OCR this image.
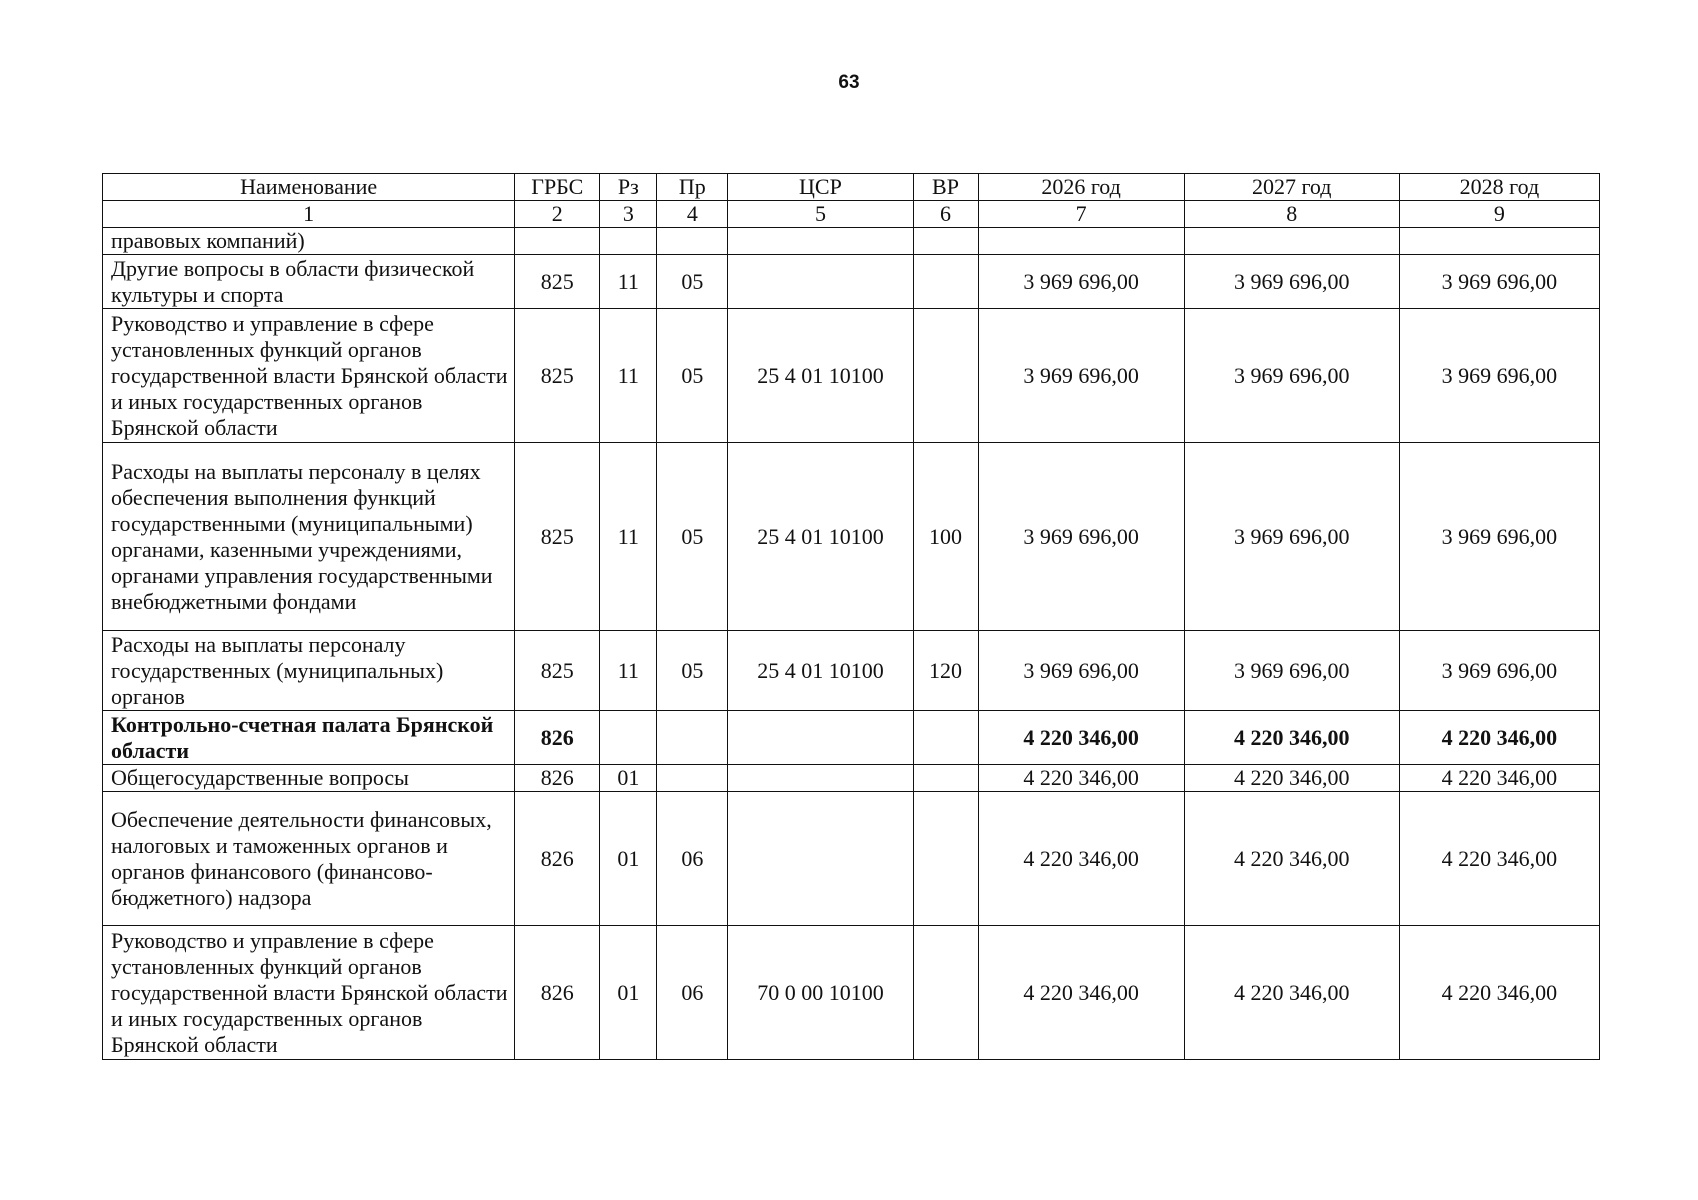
63
Наименование	ГРБС	Рз	Пр	ЦСР	ВР	2026 год	2027 год	2028 год
1	2	3	4	5	6	7	8	9
правовых компаний)								
Другие вопросы в области физической культуры и спорта	825	11	05			3 969 696,00	3 969 696,00	3 969 696,00
Руководство и управление в сфере установленных функций органов государственной власти Брянской области и иных государственных органов Брянской области	825	11	05	25 4 01 10100		3 969 696,00	3 969 696,00	3 969 696,00
Расходы на выплаты персоналу в целях обеспечения выполнения функций государственными (муниципальными) органами, казенными учреждениями, органами управления государственными внебюджетными фондами	825	11	05	25 4 01 10100	100	3 969 696,00	3 969 696,00	3 969 696,00
Расходы на выплаты персоналу государственных (муниципальных) органов	825	11	05	25 4 01 10100	120	3 969 696,00	3 969 696,00	3 969 696,00
Контрольно-счетная палата Брянской области	826					4 220 346,00	4 220 346,00	4 220 346,00
Общегосударственные вопросы	826	01				4 220 346,00	4 220 346,00	4 220 346,00
Обеспечение деятельности финансовых, налоговых и таможенных органов и органов финансового (финансово-бюджетного) надзора	826	01	06			4 220 346,00	4 220 346,00	4 220 346,00
Руководство и управление в сфере установленных функций органов государственной власти Брянской области и иных государственных органов Брянской области	826	01	06	70 0 00 10100		4 220 346,00	4 220 346,00	4 220 346,00
